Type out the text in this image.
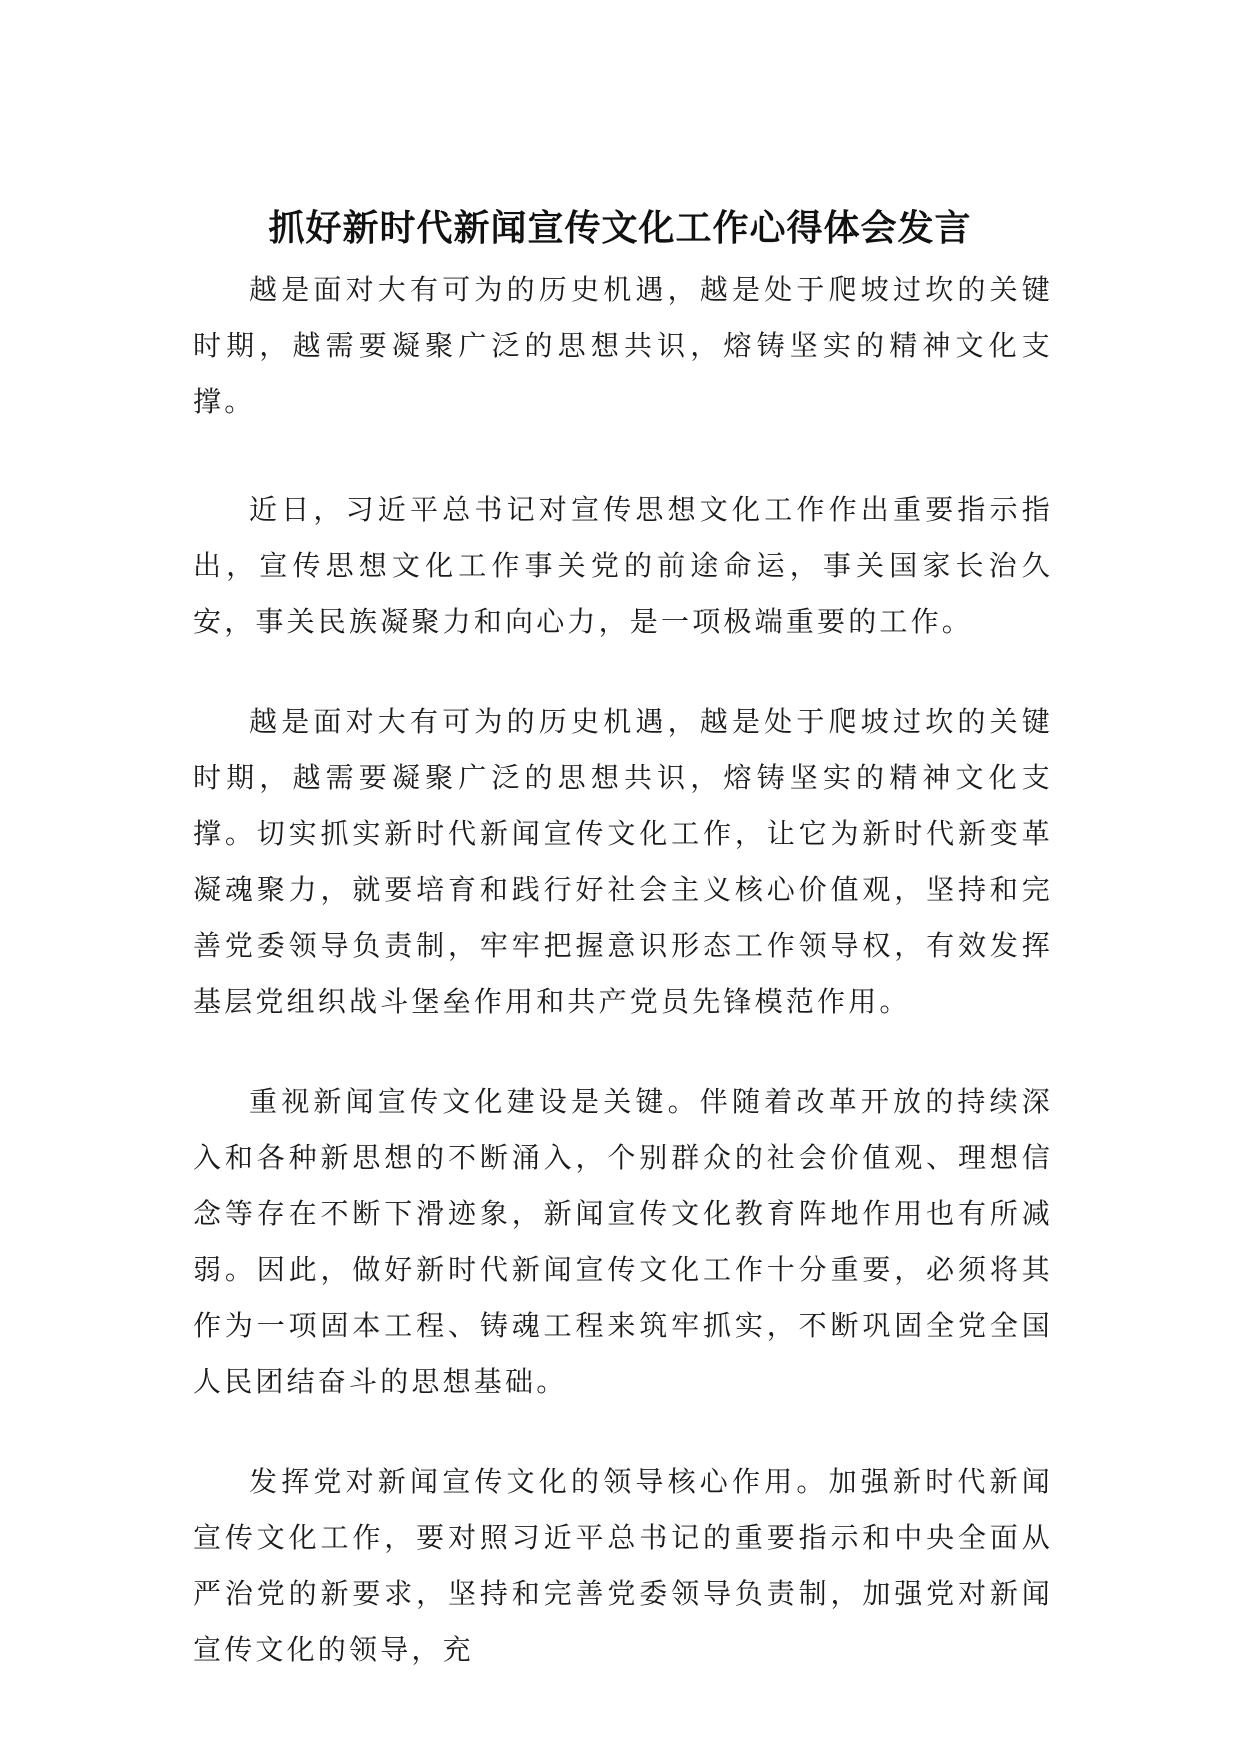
抓好新时代新闻宣传文化工作心得体会发言

越是面对大有可为的历史机遇，越是处于爬坡过坎的关键时期，越需要凝聚广泛的思想共识，熔铸坚实的精神文化支撑。

近日，习近平总书记对宣传思想文化工作作出重要指示指出，宣传思想文化工作事关党的前途命运，事关国家长治久安，事关民族凝聚力和向心力，是一项极端重要的工作。

越是面对大有可为的历史机遇，越是处于爬坡过坎的关键时期，越需要凝聚广泛的思想共识，熔铸坚实的精神文化支撑。切实抓实新时代新闻宣传文化工作，让它为新时代新变革凝魂聚力，就要培育和践行好社会主义核心价值观，坚持和完善党委领导负责制，牢牢把握意识形态工作领导权，有效发挥基层党组织战斗堡垒作用和共产党员先锋模范作用。

重视新闻宣传文化建设是关键。伴随着改革开放的持续深入和各种新思想的不断涌入，个别群众的社会价值观、理想信念等存在不断下滑迹象，新闻宣传文化教育阵地作用也有所减弱。因此，做好新时代新闻宣传文化工作十分重要，必须将其作为一项固本工程、铸魂工程来筑牢抓实，不断巩固全党全国人民团结奋斗的思想基础。

发挥党对新闻宣传文化的领导核心作用。加强新时代新闻宣传文化工作，要对照习近平总书记的重要指示和中央全面从严治党的新要求，坚持和完善党委领导负责制，加强党对新闻宣传文化的领导，充
